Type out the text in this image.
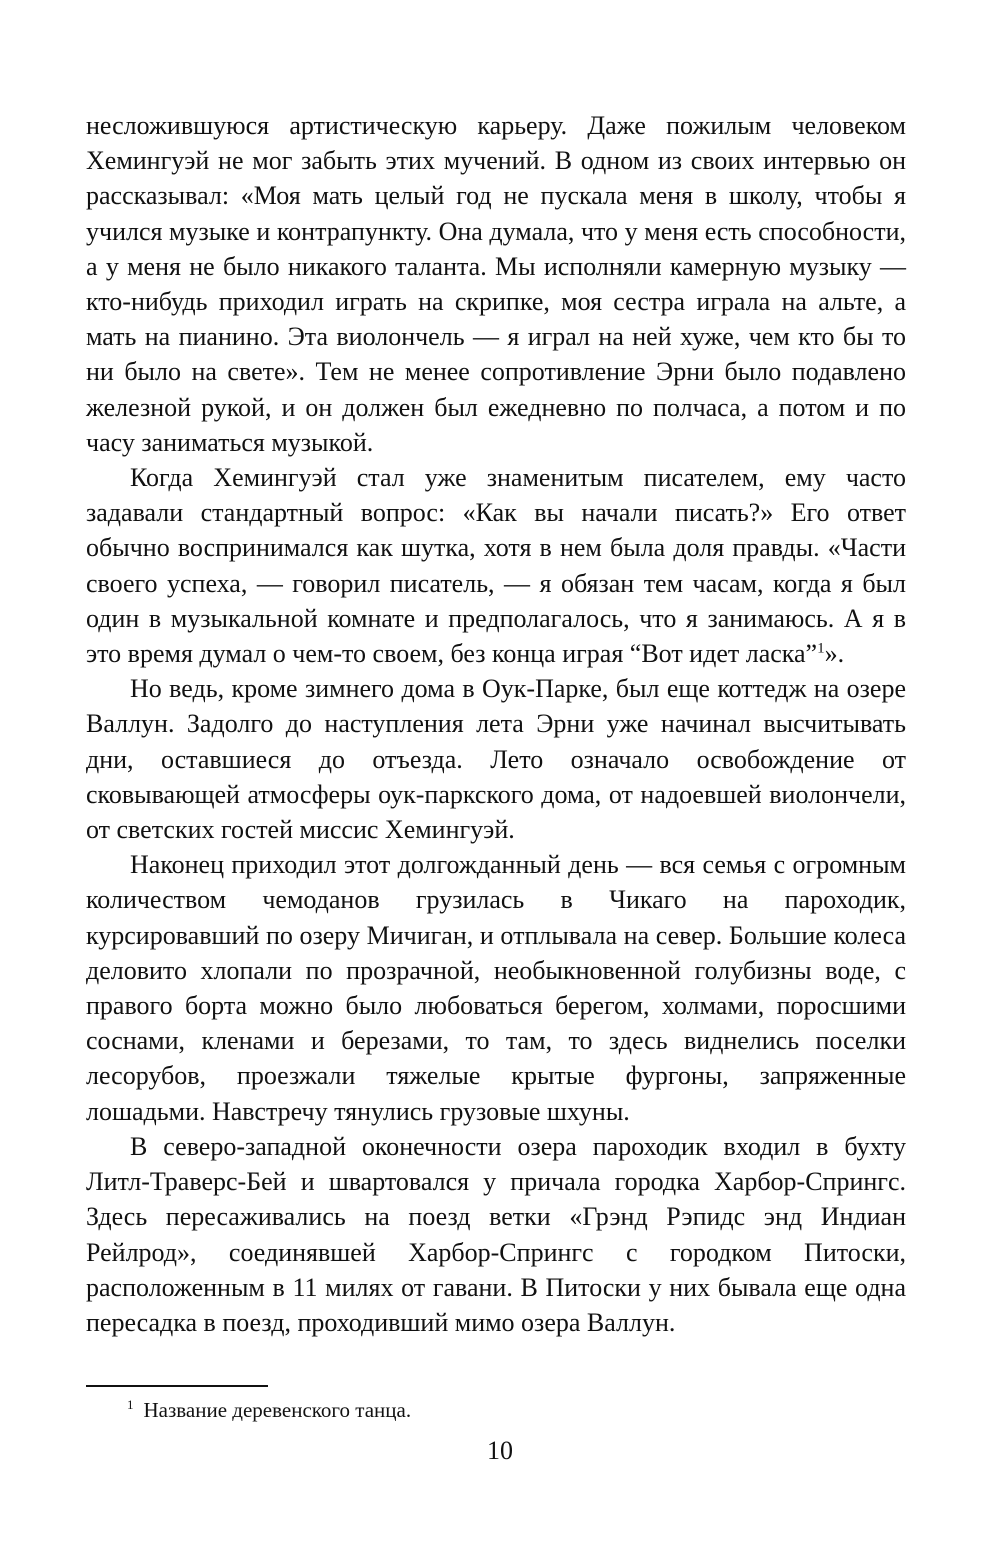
несложившуюся артистическую карьеру. Даже пожилым человеком Хемингуэй не мог забыть этих мучений. В одном из своих интервью он рассказывал: «Моя мать целый год не пускала меня в школу, чтобы я учился музыке и контрапункту. Она думала, что у меня есть способности, а у меня не было никакого таланта. Мы исполняли камерную музыку — кто-нибудь приходил играть на скрипке, моя сестра играла на альте, а мать на пианино. Эта виолончель — я играл на ней хуже, чем кто бы то ни было на свете». Тем не менее сопротивление Эрни было подавлено железной рукой, и он должен был ежедневно по полчаса, а потом и по часу заниматься музыкой.

Когда Хемингуэй стал уже знаменитым писателем, ему часто задавали стандартный вопрос: «Как вы начали писать?» Его ответ обычно воспринимался как шутка, хотя в нем была доля правды. «Части своего успеха, — говорил писатель, — я обязан тем часам, когда я был один в музыкальной комнате и предполагалось, что я занимаюсь. А я в это время думал о чем-то своем, без конца играя “Вот идет ласка”$^1$».

Но ведь, кроме зимнего дома в Оук-Парке, был еще коттедж на озере Валлун. Задолго до наступления лета Эрни уже начинал высчитывать дни, оставшиеся до отъезда. Лето означало освобождение от сковывающей атмосферы оук-паркского дома, от надоевшей виолончели, от светских гостей миссис Хемингуэй.

Наконец приходил этот долгожданный день — вся семья с огромным количеством чемоданов грузилась в Чикаго на пароходик, курсировавший по озеру Мичиган, и отплывала на север. Большие колеса деловито хлопали по прозрачной, необыкновенной голубизны воде, с правого борта можно было любоваться берегом, холмами, поросшими соснами, кленами и березами, то там, то здесь виднелись поселки лесорубов, проезжали тяжелые крытые фургоны, запряженные лошадьми. Навстречу тянулись грузовые шхуны.

В северо-западной оконечности озера пароходик входил в бухту Литл-Траверс-Бей и швартовался у причала городка Харбор-Спрингс. Здесь пересаживались на поезд ветки «Грэнд Рэпидс энд Индиан Рейлрод», соединявшей Харбор-Спрингс с городком Питоски, расположенным в 11 милях от гавани. В Питоски у них бывала еще одна пересадка в поезд, проходивший мимо озера Валлун.

$^1$ Название деревенского танца.
10
